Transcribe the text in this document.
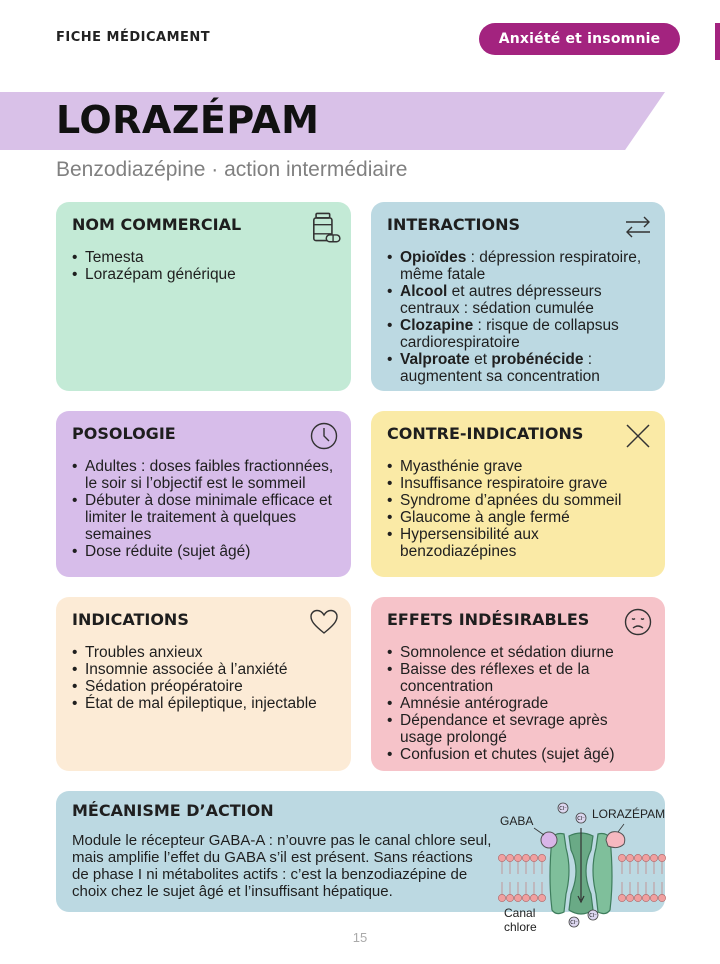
FICHE MÉDICAMENT	Anxiété et insomnie
LORAZÉPAM
Benzodiazépine · action intermédiaire
NOM COMMERCIAL
• Temesta
• Lorazépam générique
INTERACTIONS
• Opioïdes : dépression respiratoire, même fatale
• Alcool et autres dépresseurs centraux : sédation cumulée
• Clozapine : risque de collapsus cardiorespiratoire
• Valproate et probénécide : augmentent sa concentration
POSOLOGIE
• Adultes : doses faibles fractionnées, le soir si l’objectif est le sommeil
• Débuter à dose minimale efficace et limiter le traitement à quelques semaines
• Dose réduite (sujet âgé)
CONTRE-INDICATIONS
• Myasthénie grave
• Insuffisance respiratoire grave
• Syndrome d’apnées du sommeil
• Glaucome à angle fermé
• Hypersensibilité aux benzodiazépines
INDICATIONS
• Troubles anxieux
• Insomnie associée à l’anxiété
• Sédation préopératoire
• État de mal épileptique, injectable
EFFETS INDÉSIRABLES
• Somnolence et sédation diurne
• Baisse des réflexes et de la concentration
• Amnésie antérograde
• Dépendance et sevrage après usage prolongé
• Confusion et chutes (sujet âgé)
MÉCANISME D’ACTION

Module le récepteur GABA-A : n’ouvre pas le canal chlore seul, mais amplifie l’effet du GABA s’il est présent. Sans réactions de phase I ni métabolites actifs : c’est la benzodiazépine de choix chez le sujet âgé et l’insuffisant hépatique.

Cl⁻
Cl⁻
Cl⁻
Cl⁻
GABA	LORAZÉPAM
Canal
chlore
15
